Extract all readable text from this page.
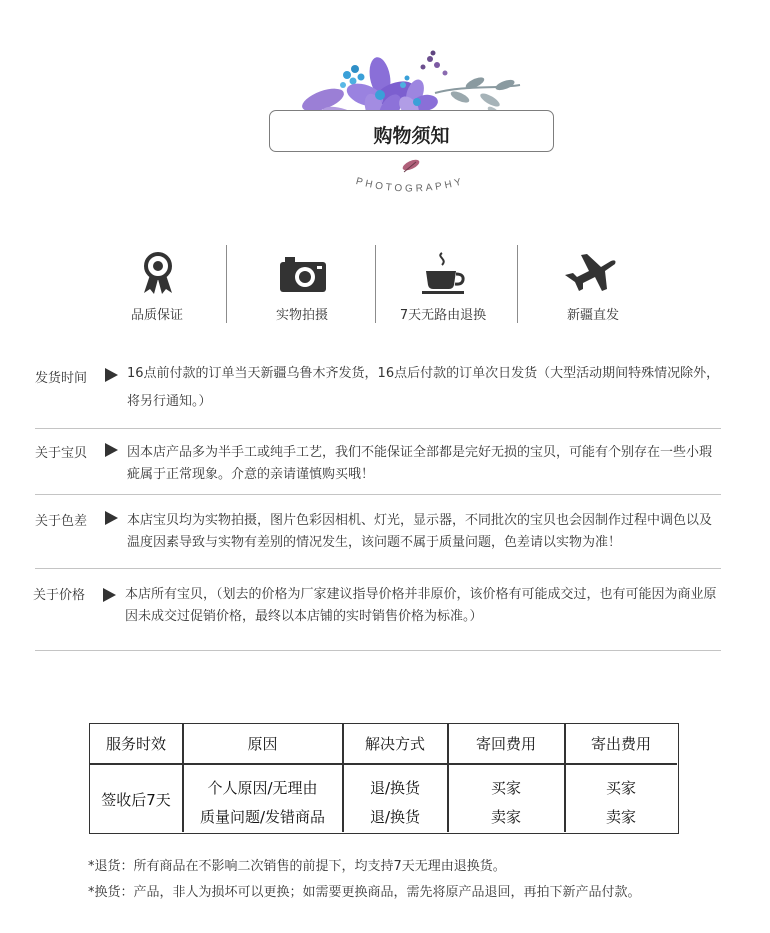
购物须知
PHOTOGRAPHY
品质保证	实物拍摄	7天无路由退换	新疆直发
发货时间	16点前付款的订单当天新疆乌鲁木齐发货，16点后付款的订单次日发货（大型活动期间特殊情况除外，将另行通知。）
关于宝贝	因本店产品多为半手工或纯手工艺，我们不能保证全部都是完好无损的宝贝，可能有个别存在一些小瑕疵属于正常现象。介意的亲请谨慎购买哦！
关于色差	本店宝贝均为实物拍摄，图片色彩因相机、灯光，显示器，不同批次的宝贝也会因制作过程中调色以及温度因素导致与实物有差别的情况发生，该问题不属于质量问题，色差请以实物为准！
关于价格	本店所有宝贝，（划去的价格为厂家建议指导价格并非原价，该价格有可能成交过，也有可能因为商业原因未成交过促销价格，最终以本店铺的实时销售价格为标准。）
服务时效	原因	解决方式	寄回费用	寄出费用
签收后7天
个人原因/无理由	退/换货	买家	买家
质量问题/发错商品	退/换货	卖家	卖家
*退货：所有商品在不影响二次销售的前提下，均支持7天无理由退换货。
*换货：产品，非人为损坏可以更换；如需要更换商品，需先将原产品退回，再拍下新产品付款。
